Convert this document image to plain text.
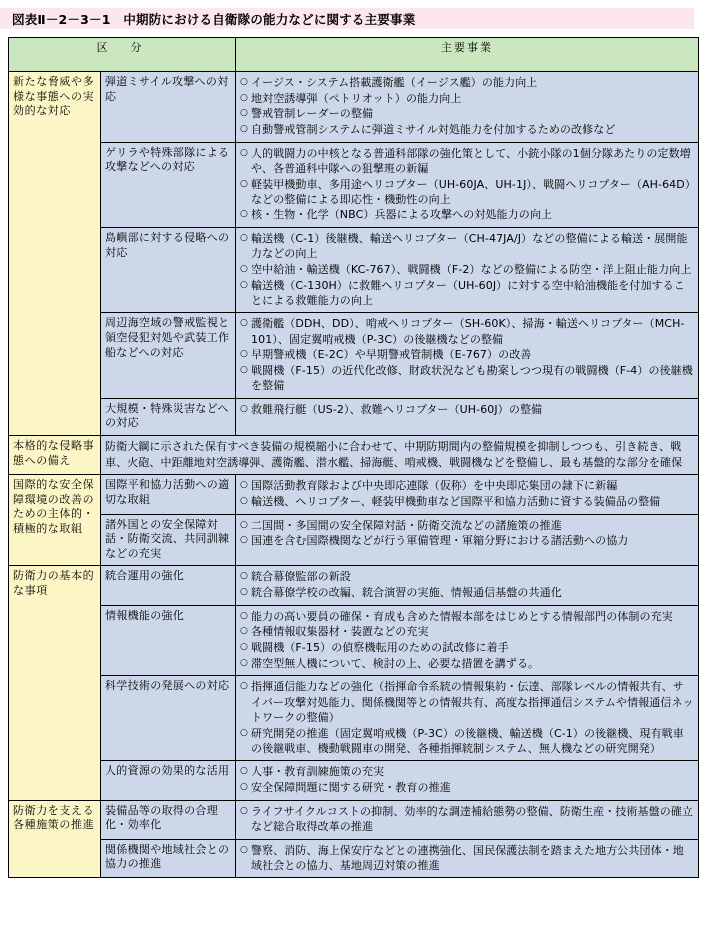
図表Ⅱ－2－3－1　中期防における自衛隊の能力などに関する主要事業
区　分		主要事業
新たな脅威や多様な事態への実効的な対応	弾道ミサイル攻撃への対応	
○ イージス・システム搭載護衛艦（イージス艦）の能力向上
○ 地対空誘導弾（ペトリオット）の能力向上
○ 警戒管制レーダーの整備
○ 自動警戒管制システムに弾道ミサイル対処能力を付加するための改修など

ゲリラや特殊部隊による攻撃などへの対応	
○ 人的戦闘力の中核となる普通科部隊の強化策として、小銃小隊の1個分隊あたりの定数増や、各普通科中隊への狙撃班の新編
○ 軽装甲機動車、多用途ヘリコプター（UH-60JA、UH-1J）、戦闘ヘリコプター（AH-64D）などの整備による即応性・機動性の向上
○ 核・生物・化学（NBC）兵器による攻撃への対処能力の向上

島嶼部に対する侵略への対応	
○ 輸送機（C-1）後継機、輸送ヘリコプター（CH-47JA/J）などの整備による輸送・展開能力などの向上
○ 空中給油・輸送機（KC-767）、戦闘機（F-2）などの整備による防空・洋上阻止能力向上
○ 輸送機（C-130H）に救難ヘリコプター（UH-60J）に対する空中給油機能を付加することによる救難能力の向上

周辺海空域の警戒監視と領空侵犯対処や武装工作船などへの対応	
○ 護衛艦（DDH、DD）、哨戒ヘリコプター（SH-60K）、掃海・輸送ヘリコプター（MCH-101）、固定翼哨戒機（P-3C）の後継機などの整備
○ 早期警戒機（E-2C）や早期警戒管制機（E-767）の改善
○ 戦闘機（F-15）の近代化改修、財政状況なども勘案しつつ現有の戦闘機（F-4）の後継機を整備

大規模・特殊災害などへの対応	
○ 救難飛行艇（US-2）、救難ヘリコプター（UH-60J）の整備

本格的な侵略事態への備え	防衛大綱に示された保有すべき装備の規模縮小に合わせて、中期防期間内の整備規模を抑制しつつも、引き続き、戦車、火砲、中距離地対空誘導弾、護衛艦、潜水艦、掃海艇、哨戒機、戦闘機などを整備し、最も基盤的な部分を確保	

国際的な安全保障環境の改善のための主体的・積極的な取組	国際平和協力活動への適切な取組	
○ 国際活動教育隊および中央即応連隊（仮称）を中央即応集団の隷下に新編
○ 輸送機、ヘリコプター、軽装甲機動車など国際平和協力活動に資する装備品の整備

諸外国との安全保障対話・防衛交流、共同訓練などの充実	
○ 二国間・多国間の安全保障対話・防衛交流などの諸施策の推進
○ 国連を含む国際機関などが行う軍備管理・軍縮分野における諸活動への協力

防衛力の基本的な事項	統合運用の強化	○ 統合幕僚監部の新設
○ 統合幕僚学校の改編、統合演習の実施、情報通信基盤の共通化

情報機能の強化	○ 能力の高い要員の確保・育成も含めた情報本部をはじめとする情報部門の体制の充実
○ 各種情報収集器材・装置などの充実
○ 戦闘機（F-15）の偵察機転用のための試改修に着手
○ 滞空型無人機について、検討の上、必要な措置を講ずる。

科学技術の発展への対応	○ 指揮通信能力などの強化（指揮命令系統の情報集約・伝達、部隊レベルの情報共有、サイバー攻撃対処能力、関係機関等との情報共有、高度な指揮通信システムや情報通信ネットワークの整備）
○ 研究開発の推進（固定翼哨戒機（P-3C）の後継機、輸送機（C-1）の後継機、現有戦車の後継戦車、機動戦闘車の開発、各種指揮統制システム、無人機などの研究開発）

人的資源の効果的な活用	○ 人事・教育訓練施策の充実
○ 安全保障問題に関する研究・教育の推進

防衛力を支える各種施策の推進	装備品等の取得の合理化・効率化	
○ ライフサイクルコストの抑制、効率的な調達補給態勢の整備、防衛生産・技術基盤の確立など総合取得改革の推進

関係機関や地域社会との協力の推進	
○ 警察、消防、海上保安庁などとの連携強化、国民保護法制を踏まえた地方公共団体・地域社会との協力、基地周辺対策の推進
